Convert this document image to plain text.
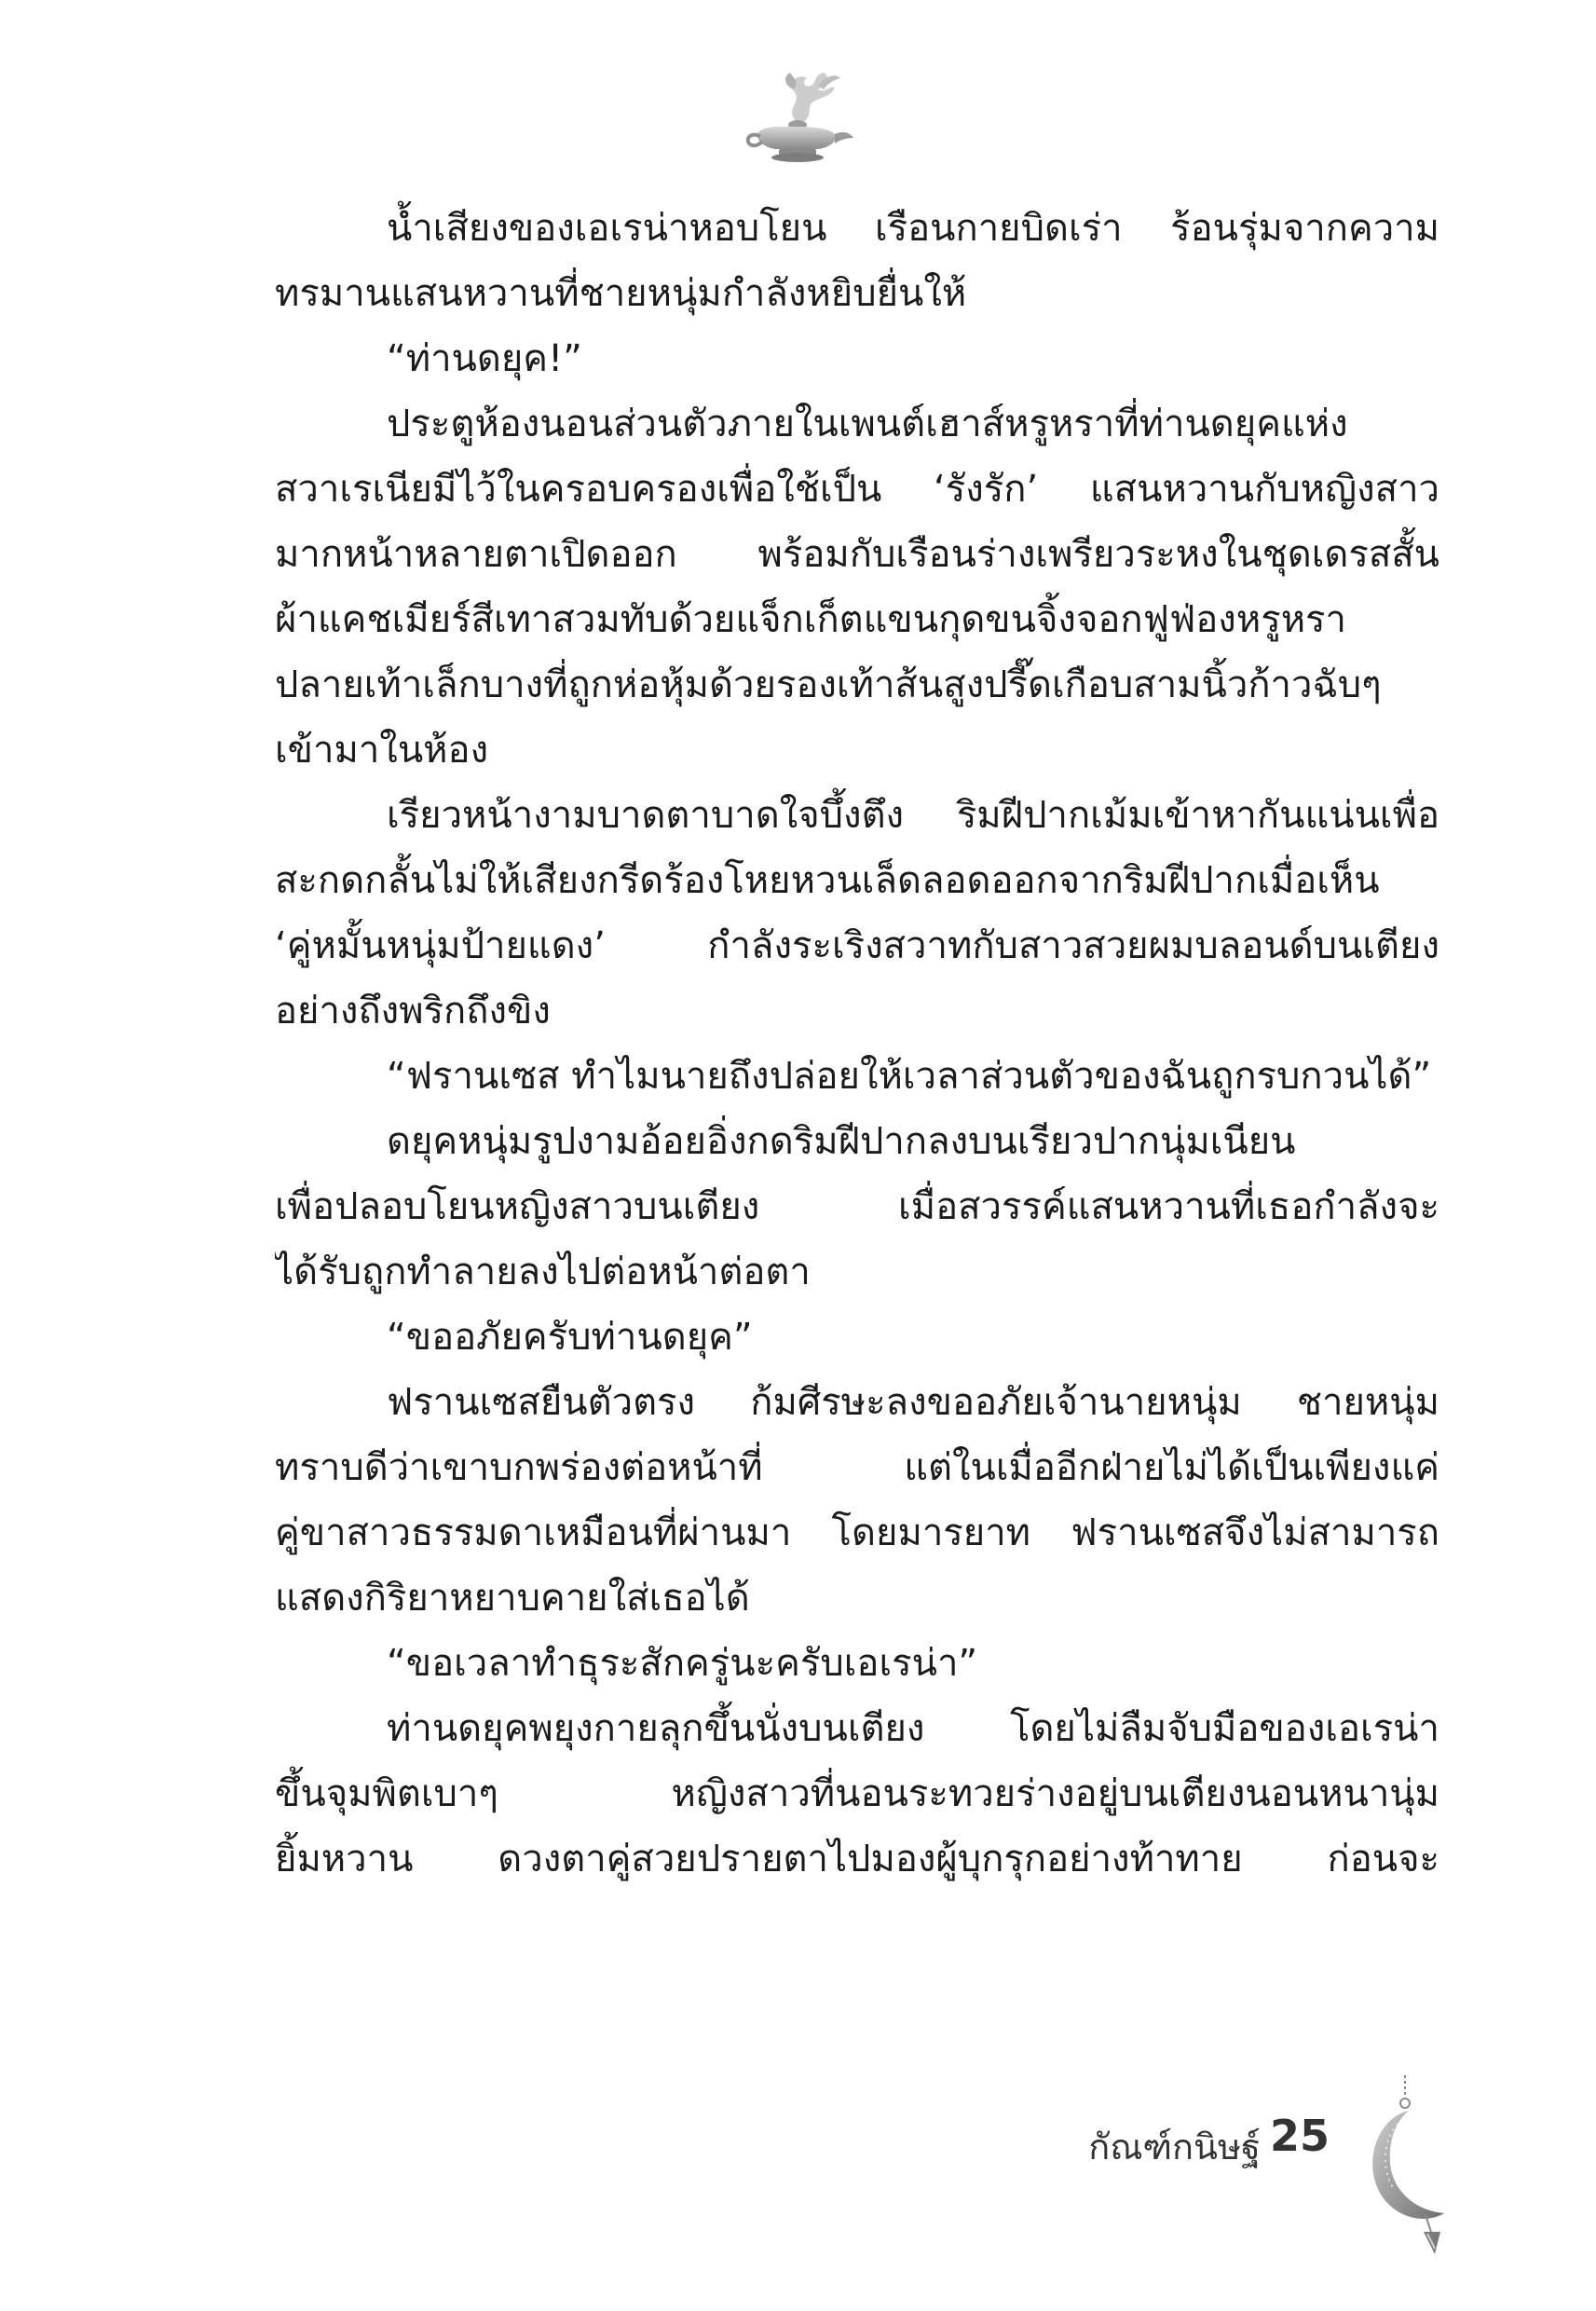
น้ำเสียงของเอเรน่าหอบโยน เรือนกายบิดเร่า ร้อนรุ่มจากความ
ทรมานแสนหวานที่ชายหนุ่มกำลังหยิบยื่นให้
“ท่านดยุค!”
ประตูห้องนอนส่วนตัวภายในเพนต์เฮาส์หรูหราที่ท่านดยุคแห่ง
สวาเรเนียมีไว้ในครอบครองเพื่อใช้เป็น ‘รังรัก’ แสนหวานกับหญิงสาว
มากหน้าหลายตาเปิดออก พร้อมกับเรือนร่างเพรียวระหงในชุดเดรสสั้น
ผ้าแคชเมียร์สีเทาสวมทับด้วยแจ็กเก็ตแขนกุดขนจิ้งจอกฟูฟ่องหรูหรา
ปลายเท้าเล็กบางที่ถูกห่อหุ้มด้วยรองเท้าส้นสูงปรี๊ดเกือบสามนิ้วก้าวฉับๆ
เข้ามาในห้อง
เรียวหน้างามบาดตาบาดใจบึ้งตึง ริมฝีปากเม้มเข้าหากันแน่นเพื่อ
สะกดกลั้นไม่ให้เสียงกรีดร้องโหยหวนเล็ดลอดออกจากริมฝีปากเมื่อเห็น
‘คู่หมั้นหนุ่มป้ายแดง’ กำลังระเริงสวาทกับสาวสวยผมบลอนด์บนเตียง
อย่างถึงพริกถึงขิง
“ฟรานเซส ทำไมนายถึงปล่อยให้เวลาส่วนตัวของฉันถูกรบกวนได้”
ดยุคหนุ่มรูปงามอ้อยอิ่งกดริมฝีปากลงบนเรียวปากนุ่มเนียน
เพื่อปลอบโยนหญิงสาวบนเตียง เมื่อสวรรค์แสนหวานที่เธอกำลังจะ
ได้รับถูกทำลายลงไปต่อหน้าต่อตา
“ขออภัยครับท่านดยุค”
ฟรานเซสยืนตัวตรง ก้มศีรษะลงขออภัยเจ้านายหนุ่ม ชายหนุ่ม
ทราบดีว่าเขาบกพร่องต่อหน้าที่ แต่ในเมื่ออีกฝ่ายไม่ได้เป็นเพียงแค่
คู่ขาสาวธรรมดาเหมือนที่ผ่านมา โดยมารยาท ฟรานเซสจึงไม่สามารถ
แสดงกิริยาหยาบคายใส่เธอได้
“ขอเวลาทำธุระสักครู่นะครับเอเรน่า”
ท่านดยุคพยุงกายลุกขึ้นนั่งบนเตียง โดยไม่ลืมจับมือของเอเรน่า
ขึ้นจุมพิตเบาๆ หญิงสาวที่นอนระทวยร่างอยู่บนเตียงนอนหนานุ่ม
ยิ้มหวาน ดวงตาคู่สวยปรายตาไปมองผู้บุกรุกอย่างท้าทาย ก่อนจะ
กัณฑ์กนิษฐ์ 25
